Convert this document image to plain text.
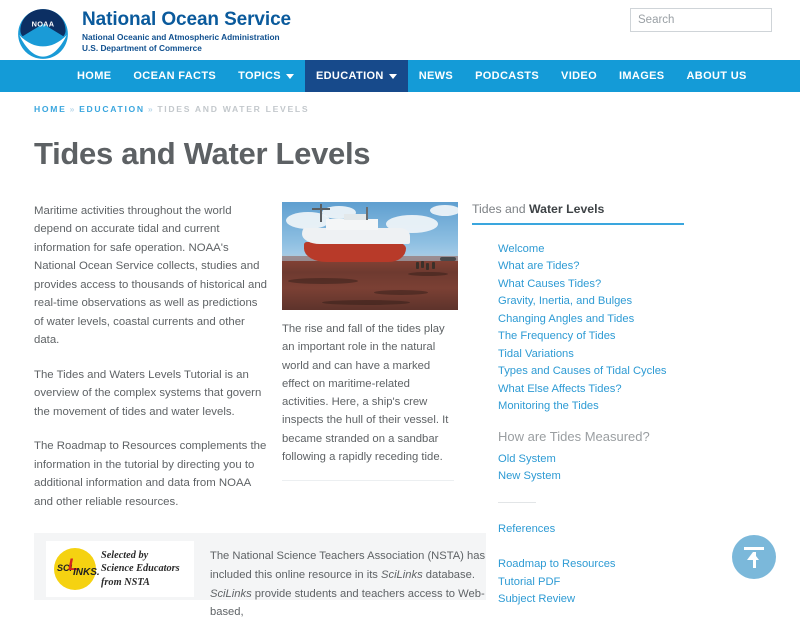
NOAA National Ocean Service
National Oceanic and Atmospheric Administration
U.S. Department of Commerce
Search
HOME OCEAN FACTS TOPICS	EDUCATION	NEWS PODCASTS VIDEO IMAGES ABOUT US
HOME » EDUCATION » TIDES AND WATER LEVELS
Tides and Water Levels

Maritime activities throughout the world depend on accurate tidal and current information for safe operation. NOAA's National Ocean Service collects, studies and provides access to thousands of historical and real-time observations as well as predictions of water levels, coastal currents and other data.

The Tides and Waters Levels Tutorial is an overview of the complex systems that govern the movement of tides and water levels.

The Roadmap to Resources complements the information in the tutorial by directing you to additional information and data from NOAA and other reliable resources.

The rise and fall of the tides play an important role in the natural world and can have a marked effect on maritime-related activities. Here, a ship's crew inspects the hull of their vessel. It became stranded on a sandbar following a rapidly receding tide.
Tides and Water Levels
Welcome
What are Tides?
What Causes Tides?
Gravity, Inertia, and Bulges
Changing Angles and Tides
The Frequency of Tides
Tidal Variations
Types and Causes of Tidal Cycles
What Else Affects Tides?
Monitoring the Tides
How are Tides Measured?
Old System
New System
References
Roadmap to Resources
Tutorial PDF
Subject Review
SCI
L
INKS.
Selected by
Science Educators
from NSTA
The National Science Teachers Association (NSTA) has included this online resource in its SciLinks database.
SciLinks provide students and teachers access to Web-based,
